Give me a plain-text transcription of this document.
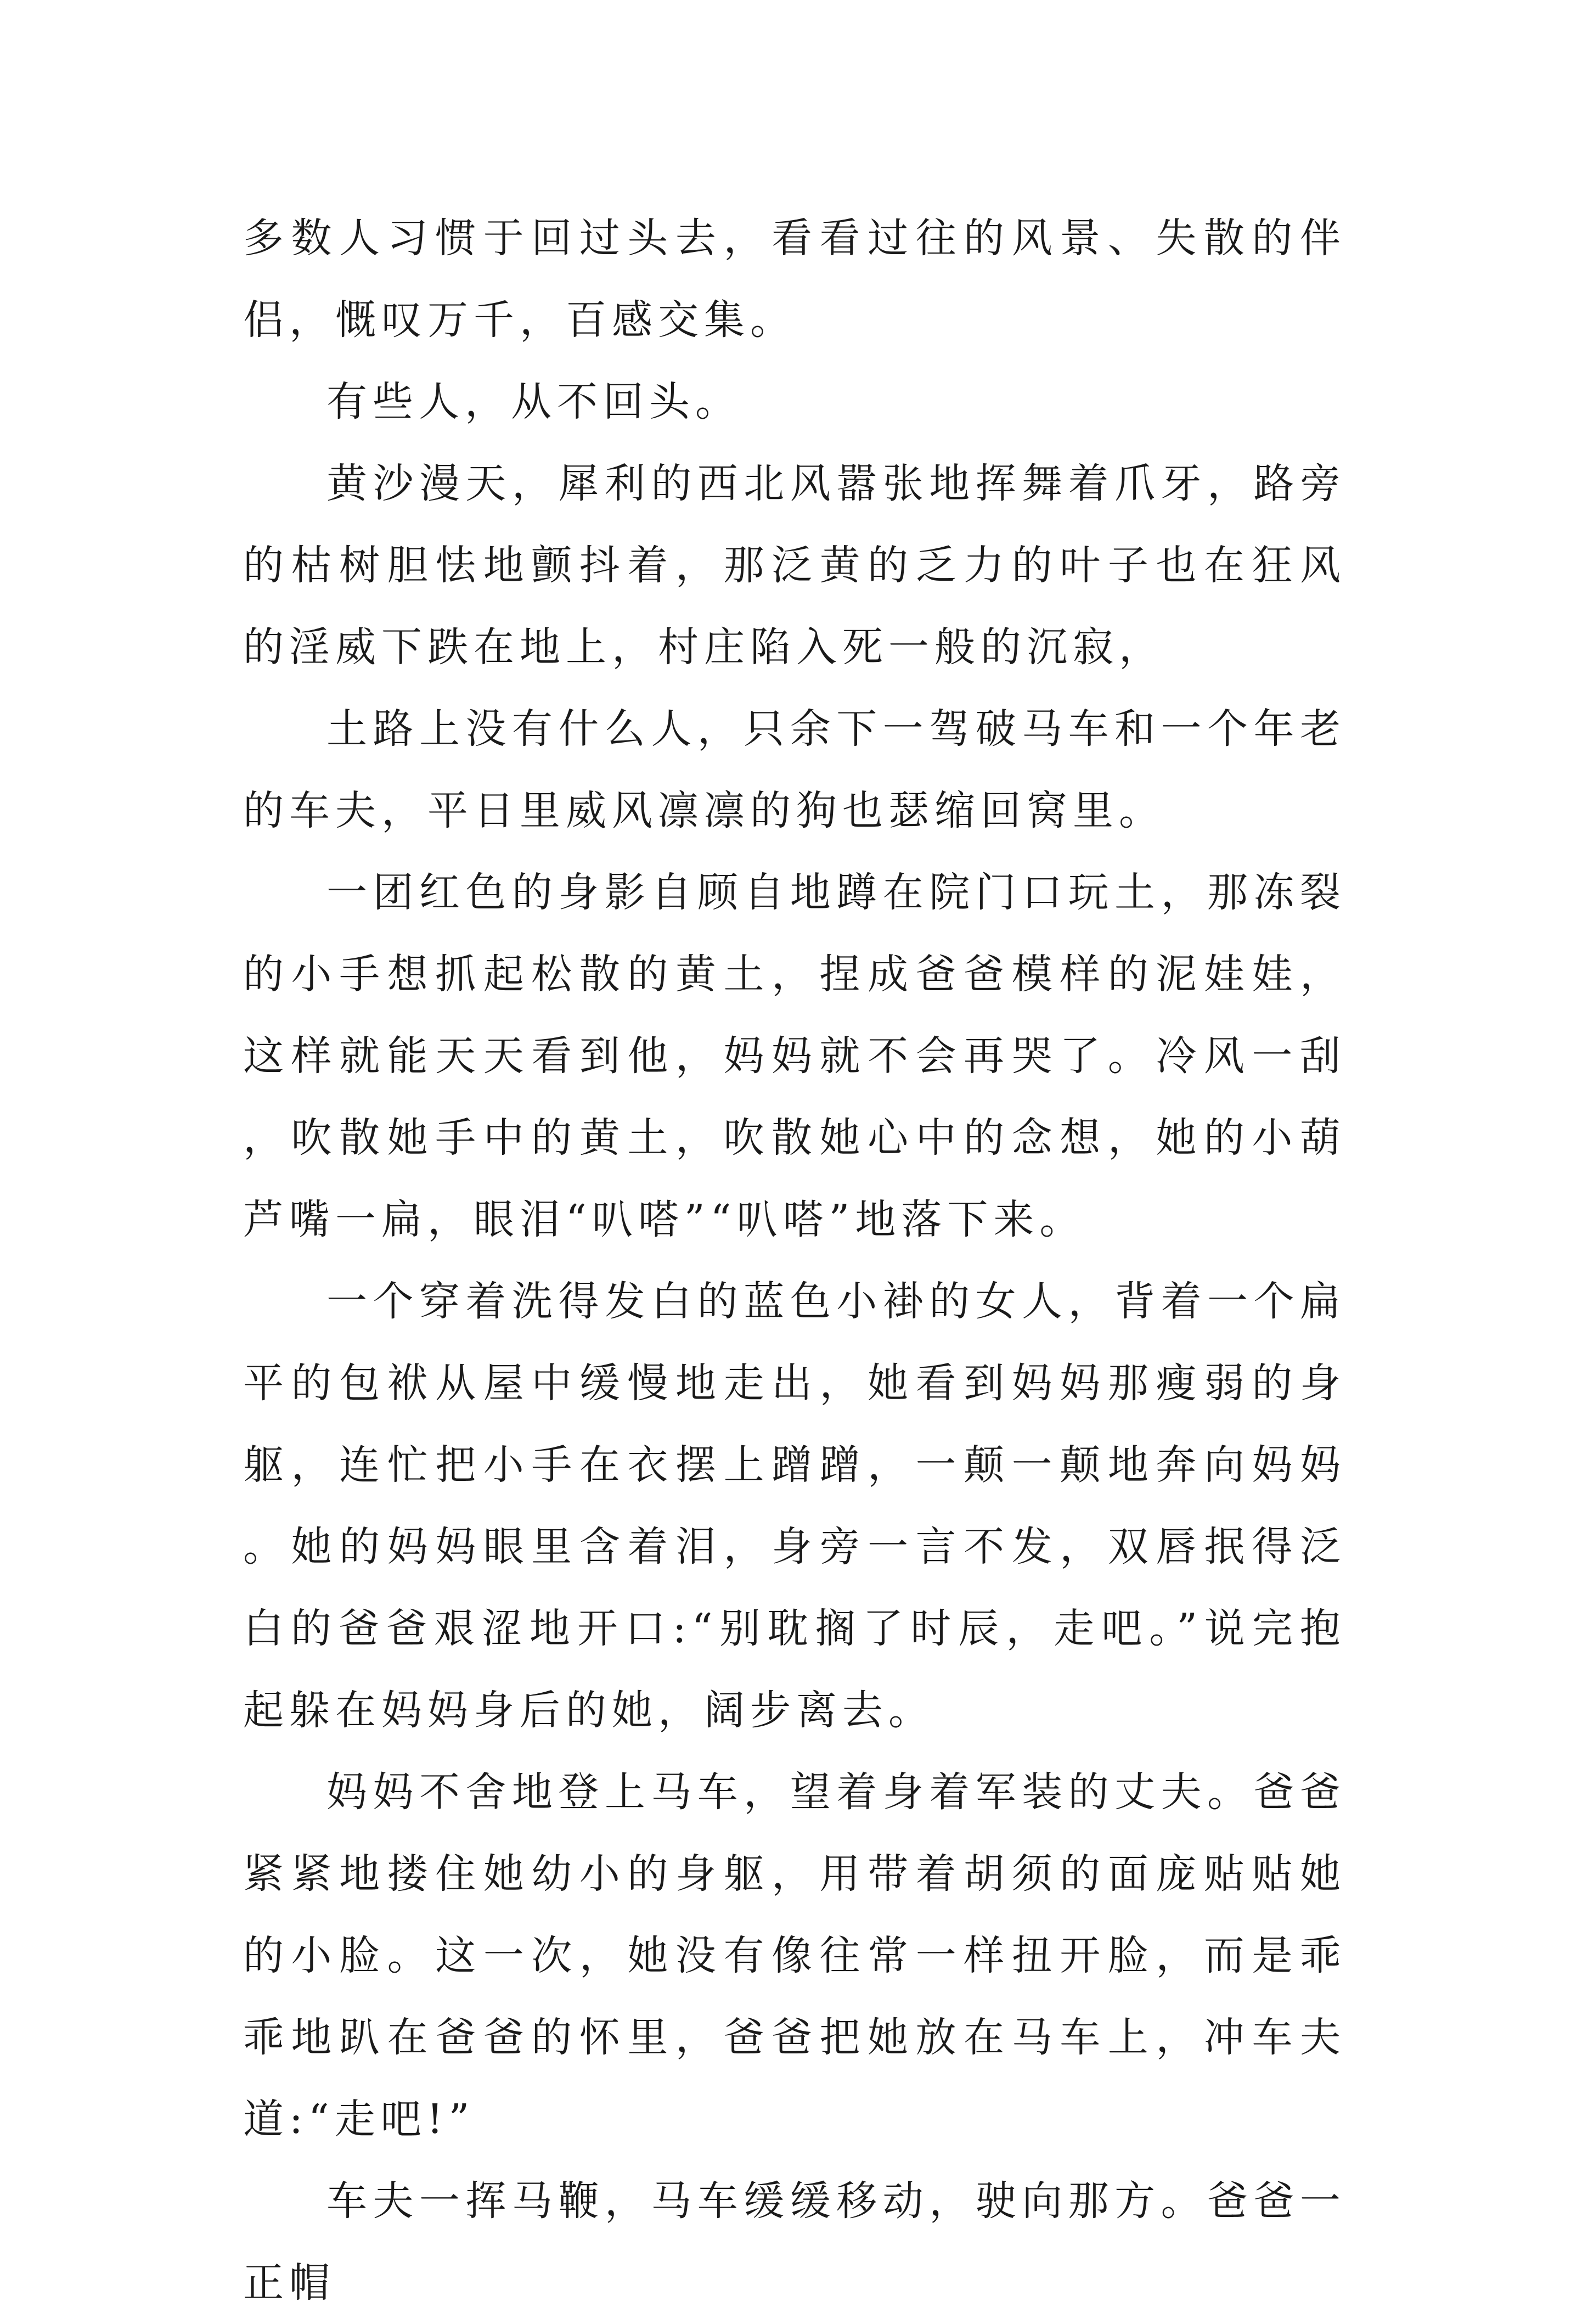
多数人习惯于回过头去，看看过往的风景、失散的伴侣，慨叹万千，百感交集。

有些人，从不回头。

黄沙漫天，犀利的西北风嚣张地挥舞着爪牙，路旁的枯树胆怯地颤抖着，那泛黄的乏力的叶子也在狂风的淫威下跌在地上，村庄陷入死一般的沉寂，

土路上没有什么人，只余下一驾破马车和一个年老的车夫，平日里威风凛凛的狗也瑟缩回窝里。

一团红色的身影自顾自地蹲在院门口玩土，那冻裂的小手想抓起松散的黄土，捏成爸爸模样的泥娃娃，这样就能天天看到他，妈妈就不会再哭了。冷风一刮，吹散她手中的黄土，吹散她心中的念想，她的小葫芦嘴一扁，眼泪“叭嗒”“叭嗒”地落下来。

一个穿着洗得发白的蓝色小褂的女人，背着一个扁平的包袱从屋中缓慢地走出，她看到妈妈那瘦弱的身躯，连忙把小手在衣摆上蹭蹭，一颠一颠地奔向妈妈。她的妈妈眼里含着泪，身旁一言不发，双唇抿得泛白的爸爸艰涩地开口:“别耽搁了时辰，走吧。”说完抱起躲在妈妈身后的她，阔步离去。

妈妈不舍地登上马车，望着身着军装的丈夫。爸爸紧紧地搂住她幼小的身躯，用带着胡须的面庞贴贴她的小脸。这一次，她没有像往常一样扭开脸，而是乖乖地趴在爸爸的怀里，爸爸把她放在马车上，冲车夫道:“走吧!”

车夫一挥马鞭，马车缓缓移动，驶向那方。爸爸一正帽
